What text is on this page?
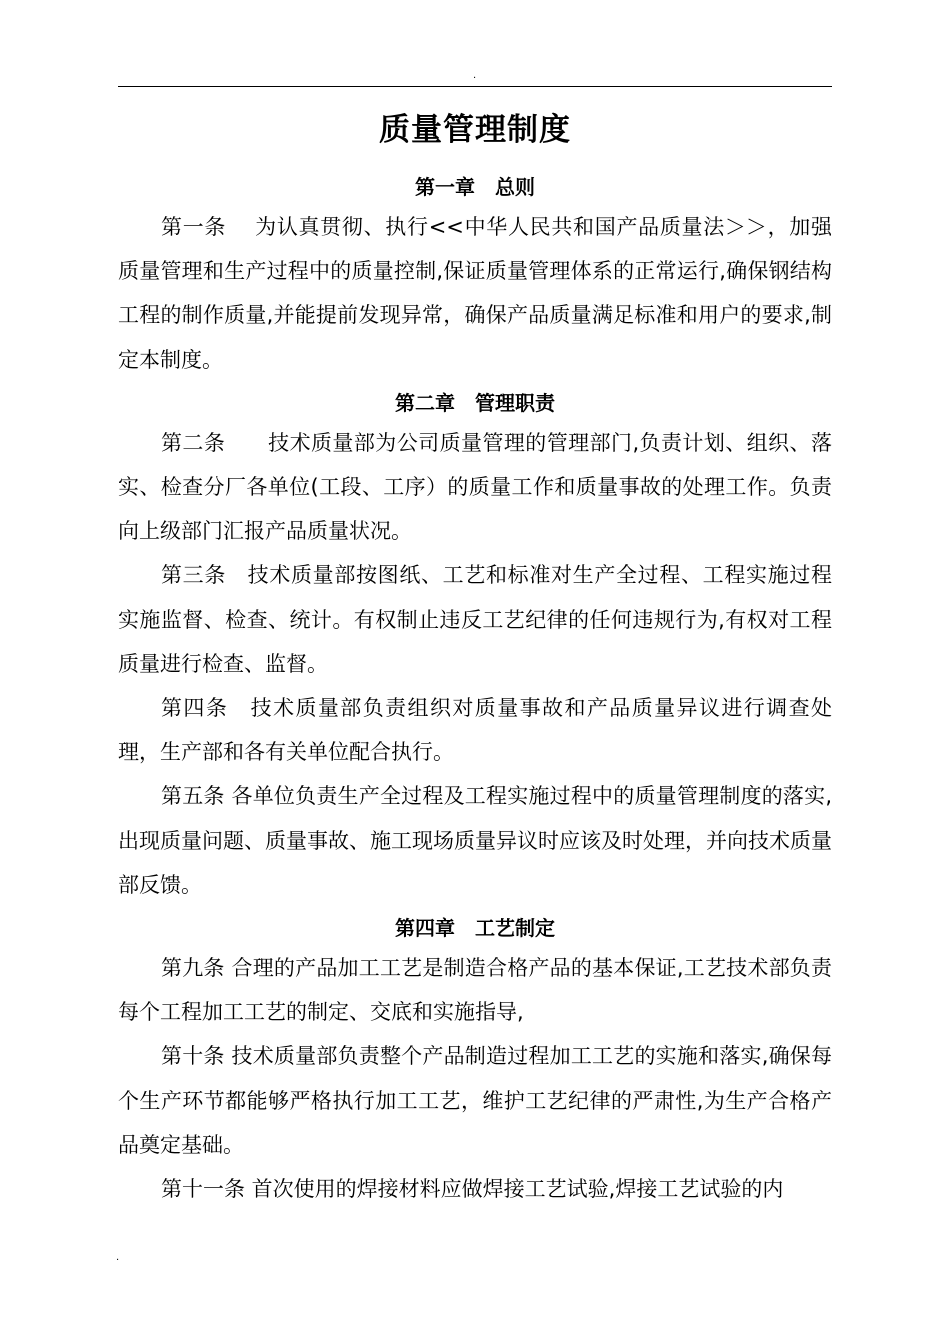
.
质量管理制度
第一章　总则

第一条　 为认真贯彻、执行<<中华人民共和国产品质量法＞＞，加强质量管理和生产过程中的质量控制,保证质量管理体系的正常运行,确保钢结构工程的制作质量,并能提前发现异常，确保产品质量满足标准和用户的要求,制定本制度。

第二章　管理职责

第二条　　技术质量部为公司质量管理的管理部门,负责计划、组织、落实、检查分厂各单位(工段、工序）的质量工作和质量事故的处理工作。负责向上级部门汇报产品质量状况。

第三条　技术质量部按图纸、工艺和标准对生产全过程、工程实施过程实施监督、检查、统计。有权制止违反工艺纪律的任何违规行为,有权对工程质量进行检查、监督。

第四条　技术质量部负责组织对质量事故和产品质量异议进行调查处理，生产部和各有关单位配合执行。

第五条 各单位负责生产全过程及工程实施过程中的质量管理制度的落实,出现质量问题、质量事故、施工现场质量异议时应该及时处理，并向技术质量部反馈。

第四章　工艺制定

第九条 合理的产品加工工艺是制造合格产品的基本保证,工艺技术部负责每个工程加工工艺的制定、交底和实施指导,

第十条 技术质量部负责整个产品制造过程加工工艺的实施和落实,确保每个生产环节都能够严格执行加工工艺，维护工艺纪律的严肃性,为生产合格产品奠定基础。

第十一条 首次使用的焊接材料应做焊接工艺试验,焊接工艺试验的内

.
